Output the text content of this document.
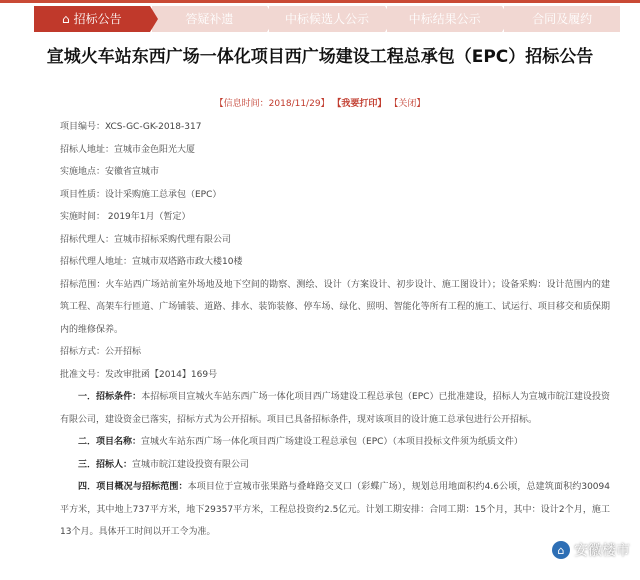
⌂ 招标公告	答疑补遗	中标候选人公示	中标结果公示	合同及履约
宣城火车站东西广场一体化项目西广场建设工程总承包（EPC）招标公告
【信息时间：2018/11/29】 【我要打印】 【关闭】
项目编号：XCS-GC-GK-2018-317
招标人地址：宣城市金色阳光大厦
实施地点：安徽省宣城市
项目性质：设计采购施工总承包（EPC）
实施时间： 2019年1月（暂定）
招标代理人：宣城市招标采购代理有限公司
招标代理人地址：宣城市双塔路市政大楼10楼
招标范围：火车站西广场站前室外场地及地下空间的勘察、测绘、设计（方案设计、初步设计、施工图设计）；设备采购：设计范围内的建筑工程、高架车行匝道、广场铺装、道路、排水、装饰装修、停车场、绿化、照明、智能化等所有工程的施工、试运行、项目移交和质保期内的维修保养。
招标方式：公开招标
批准文号：发改审批函【2014】169号
一．招标条件：本招标项目宣城火车站东西广场一体化项目西广场建设工程总承包（EPC）已批准建设，招标人为宣城市皖江建设投资有限公司，建设资金已落实，招标方式为公开招标。项目已具备招标条件，现对该项目的设计施工总承包进行公开招标。
二．项目名称：宣城火车站东西广场一体化项目西广场建设工程总承包（EPC）（本项目投标文件须为纸质文件）
三．招标人：宣城市皖江建设投资有限公司
四．项目概况与招标范围：本项目位于宣城市张果路与叠峰路交叉口（彩蝶广场），规划总用地面积约4.6公顷，总建筑面积约30094平方米，其中地上737平方米，地下29357平方米，工程总投资约2.5亿元。计划工期安排：合同工期：15个月，其中：设计2个月，施工 13个月。具体开工时间以开工令为准。
⌂ 安徽楼市
